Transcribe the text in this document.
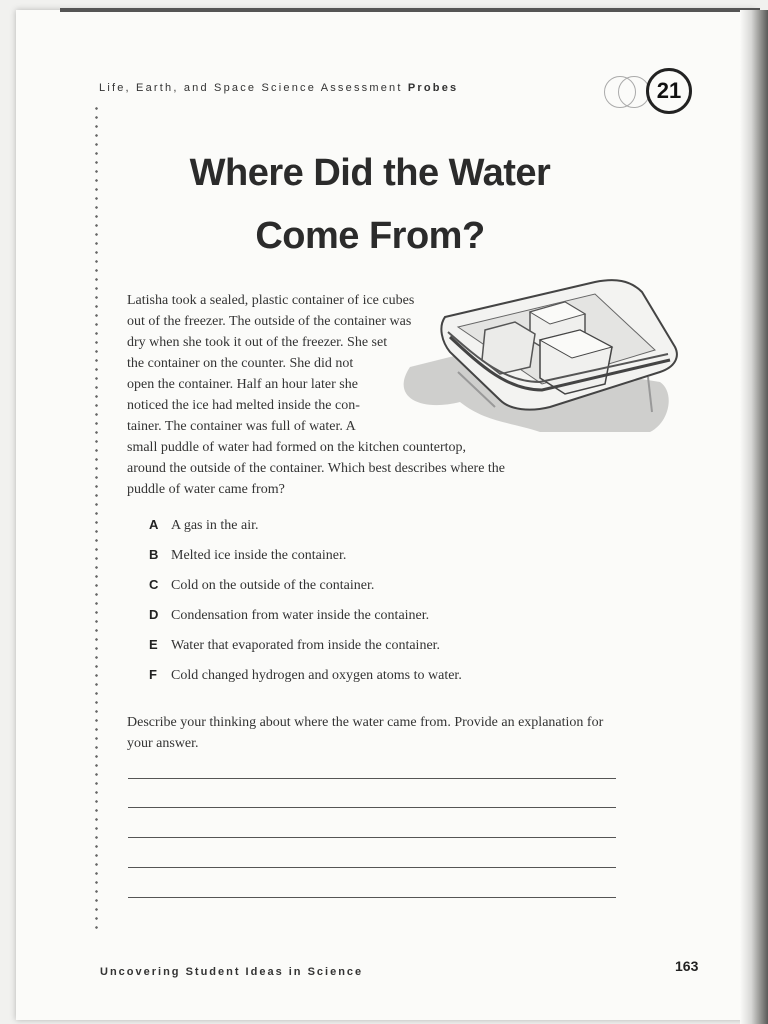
Life, Earth, and Space Science Assessment Probes	21
Where Did the Water
Come From?
Latisha took a sealed, plastic container of ice cubes
out of the freezer. The outside of the container was
dry when she took it out of the freezer. She set
the container on the counter. She did not
open the container. Half an hour later she
noticed the ice had melted inside the con-
tainer. The container was full of water. A
small puddle of water had formed on the kitchen countertop,
around the outside of the container. Which best describes where the
puddle of water came from?
A A gas in the air.
B Melted ice inside the container.
C Cold on the outside of the container.
D Condensation from water inside the container.
E Water that evaporated from inside the container.
F Cold changed hydrogen and oxygen atoms to water.
Describe your thinking about where the water came from. Provide an explanation for your answer.
Uncovering Student Ideas in Science	163
